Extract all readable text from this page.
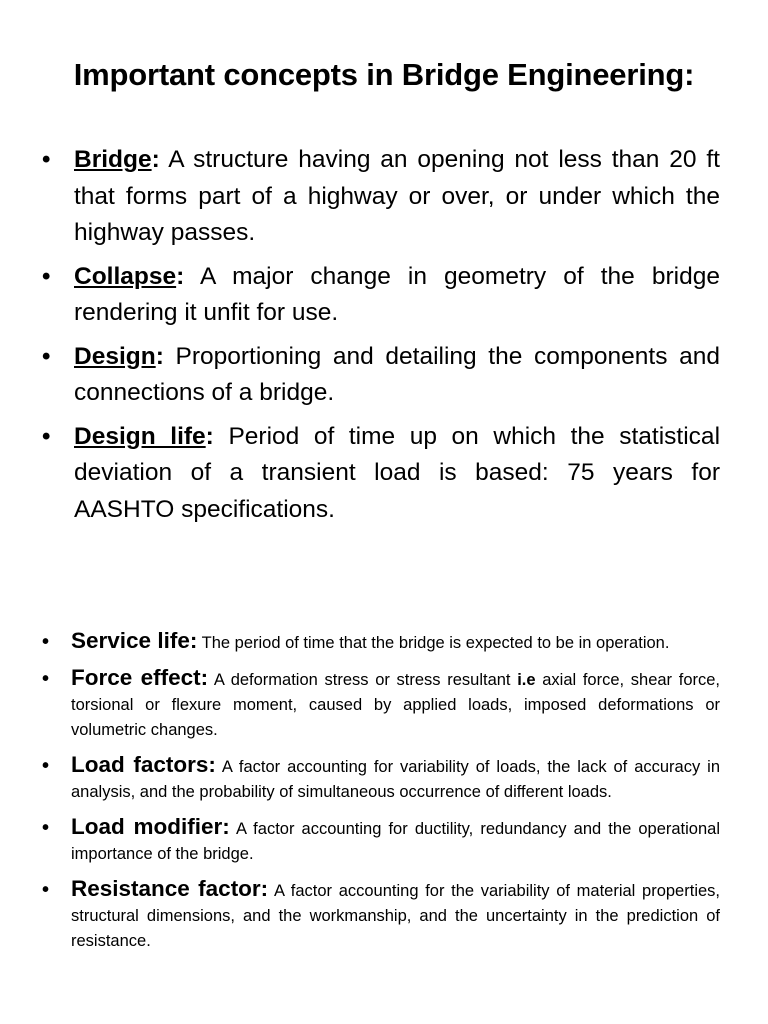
Important concepts in Bridge Engineering:
• Bridge: A structure having an opening not less than 20 ft that forms part of a highway or over, or under which the highway passes.
• Collapse: A major change in geometry of the bridge rendering it unfit for use.
• Design: Proportioning and detailing the components and connections of a bridge.
• Design life: Period of time up on which the statistical deviation of a transient load is based: 75 years for AASHTO specifications.
• Service life: The period of time that the bridge is expected to be in operation.
• Force effect: A deformation stress or stress resultant i.e axial force, shear force, torsional or flexure moment, caused by applied loads, imposed deformations or volumetric changes.
• Load factors: A factor accounting for variability of loads, the lack of accuracy in analysis, and the probability of simultaneous occurrence of different loads.
• Load modifier: A factor accounting for ductility, redundancy and the operational importance of the bridge.
• Resistance factor: A factor accounting for the variability of material properties, structural dimensions, and the workmanship, and the uncertainty in the prediction of resistance.
